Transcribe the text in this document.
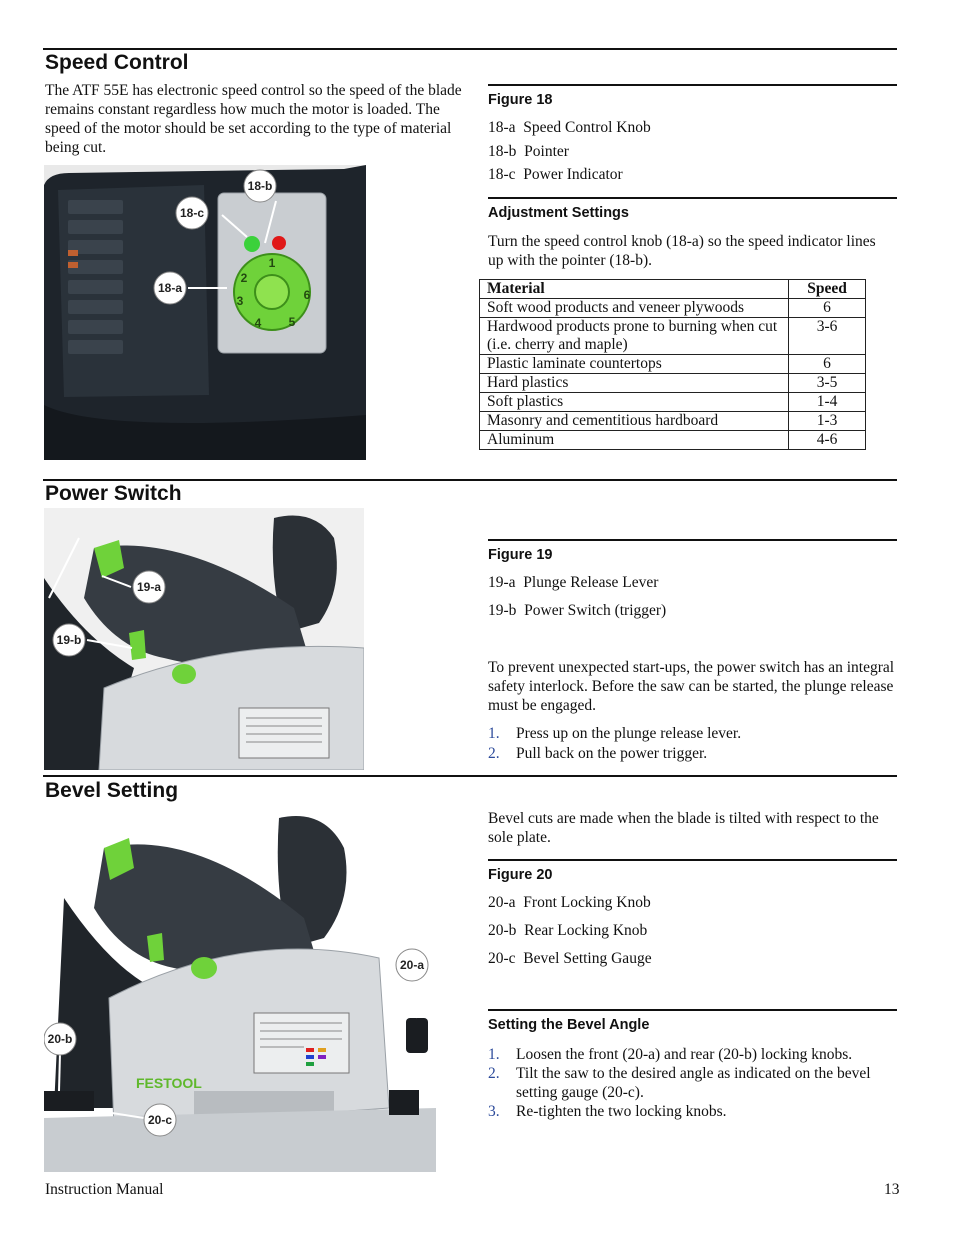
Speed Control

The ATF 55E has electronic speed control so the speed of the blade remains constant regardless how much the motor is loaded. The speed of the motor should be set according to the type of material being cut.

1
2
3
4 5
6
18-b
18-c
18-a

Figure 18

18-a  Speed Control Knob
18-b  Pointer
18-c  Power Indicator

Adjustment Settings

Turn the speed control knob (18-a) so the speed indicator lines up with the pointer (18-b).

Material	Speed
Soft wood products and veneer plywoods	6
Hardwood products prone to burning when cut (i.e. cherry and maple)	3-6
Plastic laminate countertops	6
Hard plastics	3-5
Soft plastics	1-4
Masonry and cementitious hardboard	1-3
Aluminum	4-6
Power Switch
19-a
19-b

Figure 19

19-a  Plunge Release Lever
19-b  Power Switch (trigger)

To prevent unexpected start-ups, the power switch has an integral safety interlock. Before the saw can be started, the plunge release must be engaged.

1. Press up on the plunge release lever.
2. Pull back on the power trigger.
Bevel Setting
FESTOOL
20-a
20-b
20-c

Bevel cuts are made when the blade is tilted with respect to the sole plate.

Figure 20

20-a  Front Locking Knob
20-b  Rear Locking Knob
20-c  Bevel Setting Gauge

Setting the Bevel Angle

1. Loosen the front (20-a) and rear (20-b) locking knobs.
2. Tilt the saw to the desired angle as indicated on the bevel setting gauge (20-c).
3. Re-tighten the two locking knobs.
Instruction Manual	13
